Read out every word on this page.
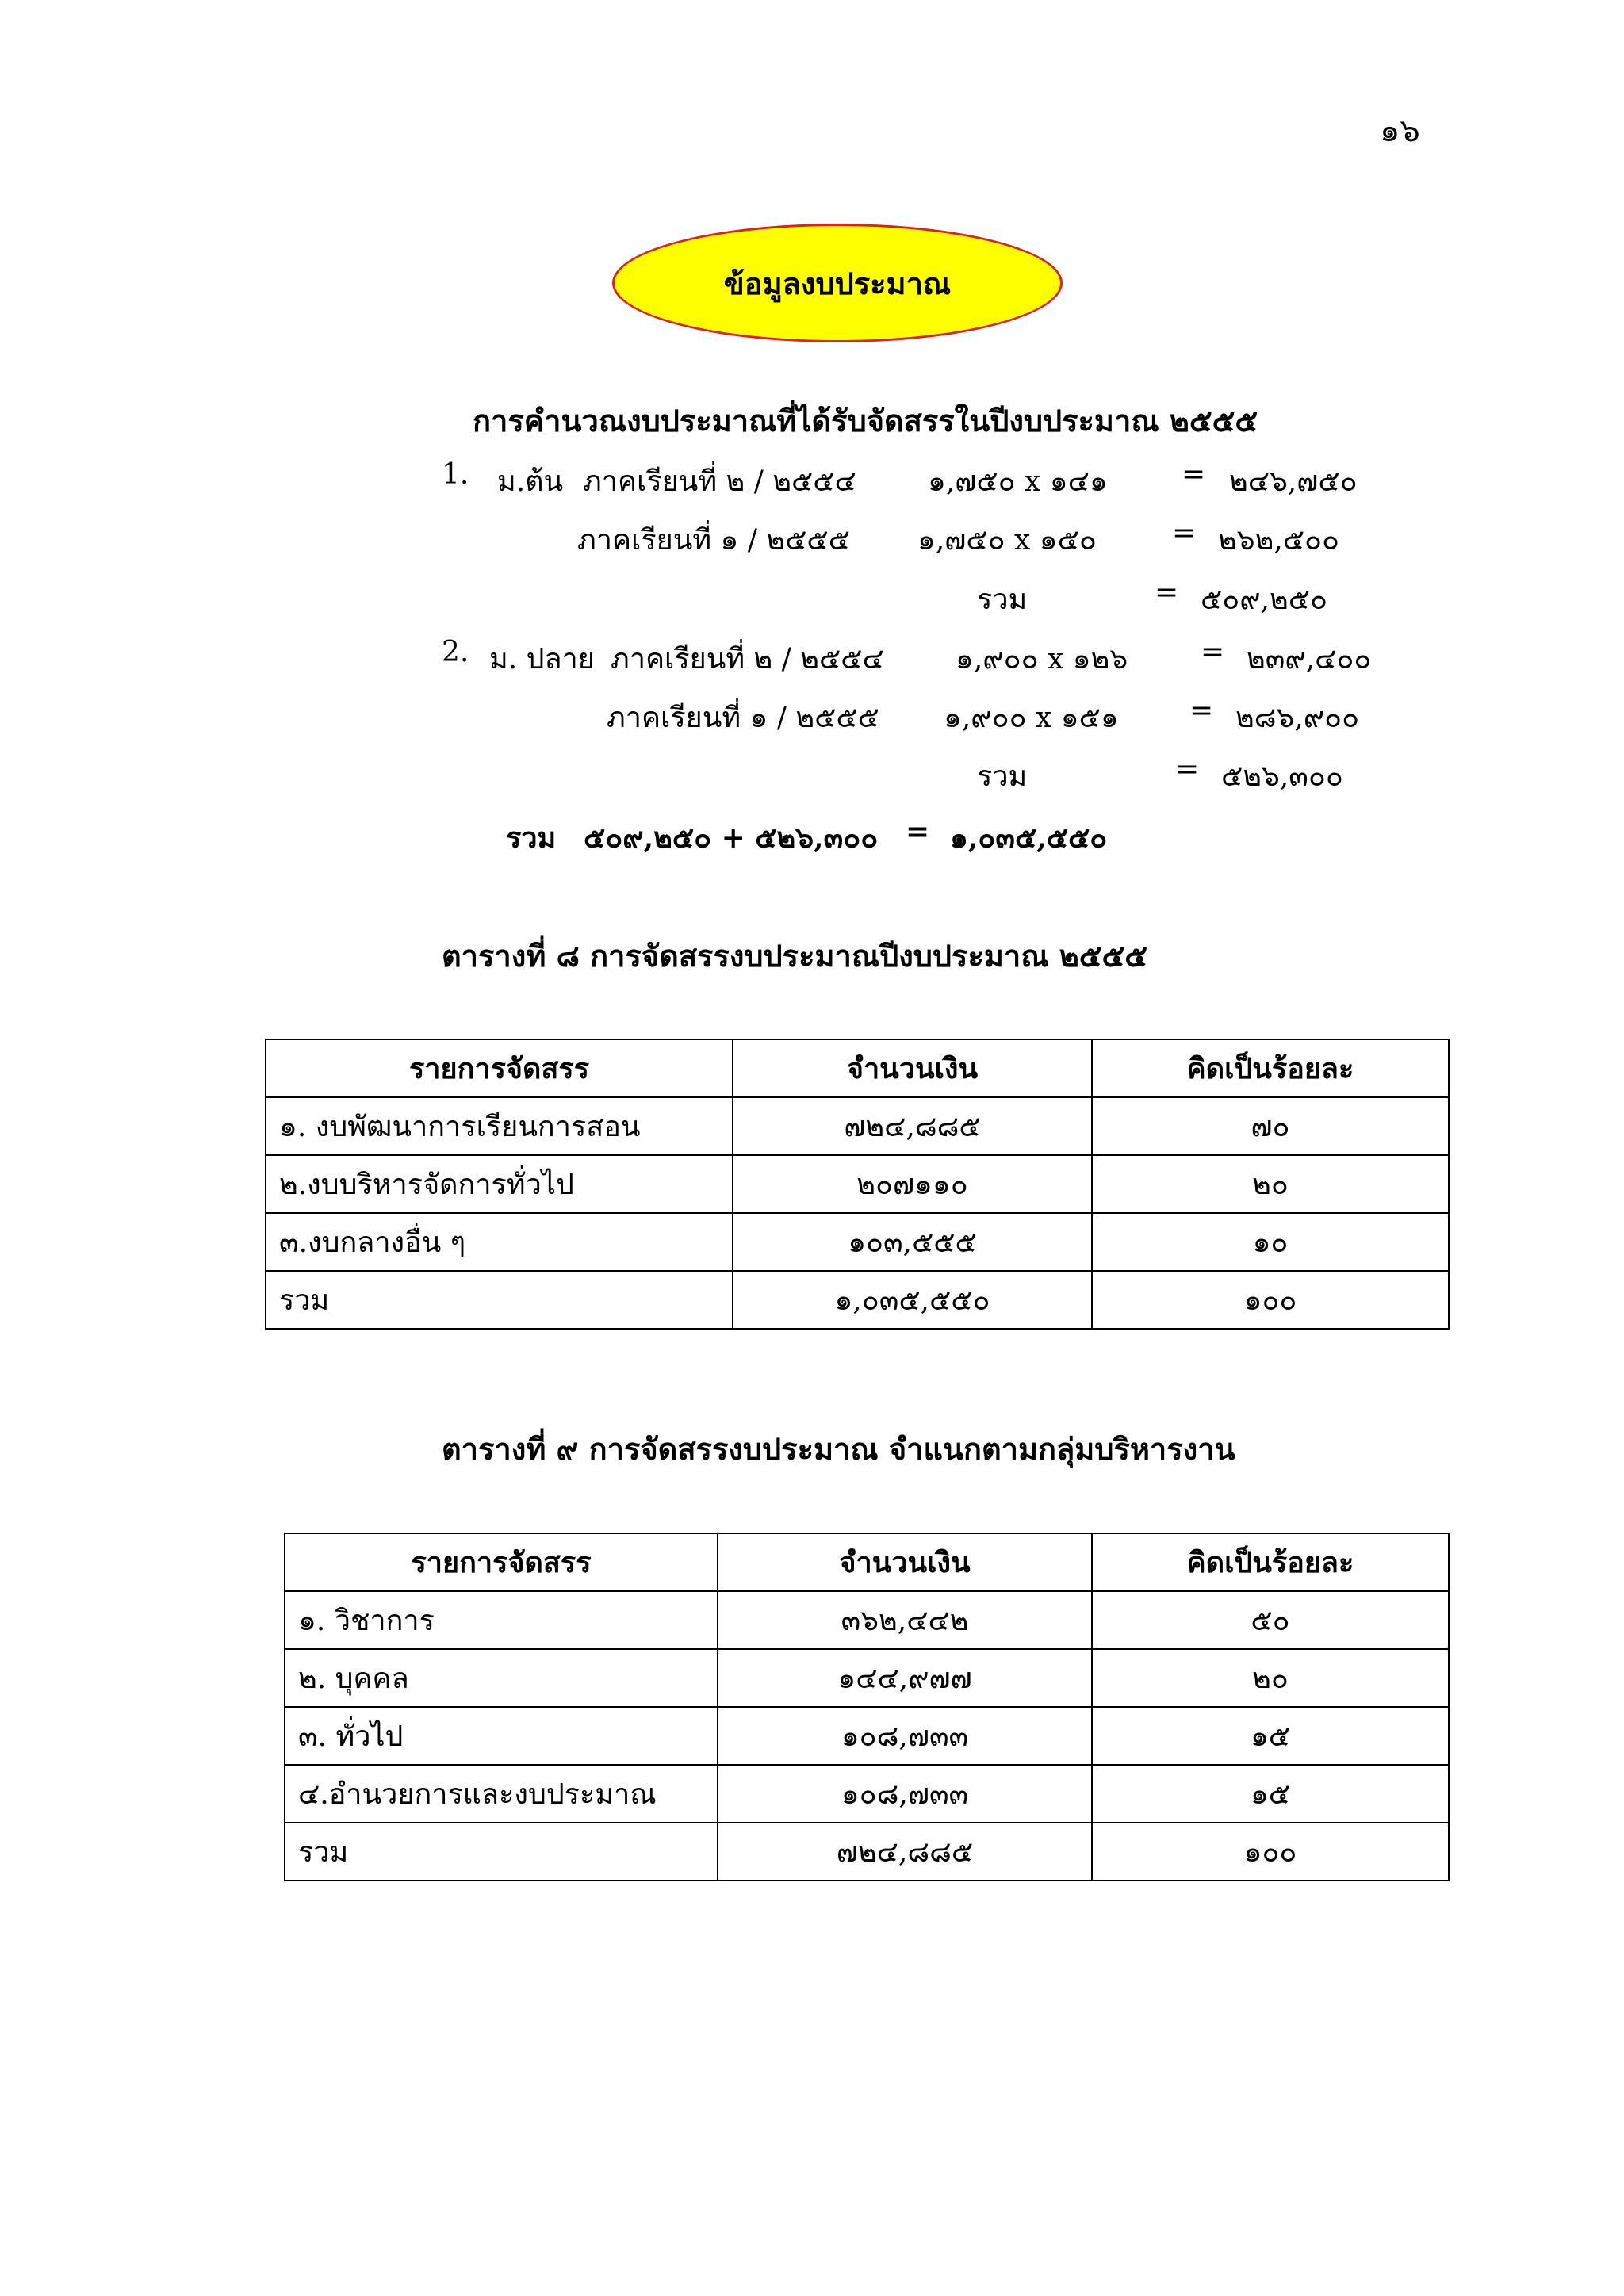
๑๖
ข้อมูลงบประมาณ
การคำนวณงบประมาณที่ได้รับจัดสรรในปีงบประมาณ ๒๕๕๕
1. ม.ต้น ภาคเรียนที่ ๒ / ๒๕๕๔	๑,๗๕๐ x ๑๔๑	= ๒๔๖,๗๕๐
ภาคเรียนที่ ๑ / ๒๕๕๕ ๑,๗๕๐ x ๑๕๐	= ๒๖๒,๕๐๐
รวม	= ๕๐๙,๒๕๐
2. ม. ปลาย ภาคเรียนที่ ๒ / ๒๕๕๔	๑,๙๐๐ x ๑๒๖	= ๒๓๙,๔๐๐
ภาคเรียนที่ ๑ / ๒๕๕๕ ๑,๙๐๐ x ๑๕๑ = ๒๘๖,๙๐๐
รวม	= ๕๒๖,๓๐๐
รวม ๕๐๙,๒๕๐ + ๕๒๖,๓๐๐ = ๑,๐๓๕,๕๕๐
ตารางที่ ๘ การจัดสรรงบประมาณปีงบประมาณ ๒๕๕๕
รายการจัดสรร	จำนวนเงิน	คิดเป็นร้อยละ
๑. งบพัฒนาการเรียนการสอน	๗๒๔,๘๘๕	๗๐
๒.งบบริหารจัดการทั่วไป	๒๐๗๑๑๐	๒๐
๓.งบกลางอื่น ๆ	๑๐๓,๕๕๕	๑๐
รวม	๑,๐๓๕,๕๕๐	๑๐๐
ตารางที่ ๙ การจัดสรรงบประมาณ จำแนกตามกลุ่มบริหารงาน
รายการจัดสรร	จำนวนเงิน	คิดเป็นร้อยละ
๑. วิชาการ	๓๖๒,๔๔๒	๕๐
๒. บุคคล	๑๔๔,๙๗๗	๒๐
๓. ทั่วไป	๑๐๘,๗๓๓	๑๕
๔.อำนวยการและงบประมาณ	๑๐๘,๗๓๓	๑๕
รวม	๗๒๔,๘๘๕	๑๐๐
